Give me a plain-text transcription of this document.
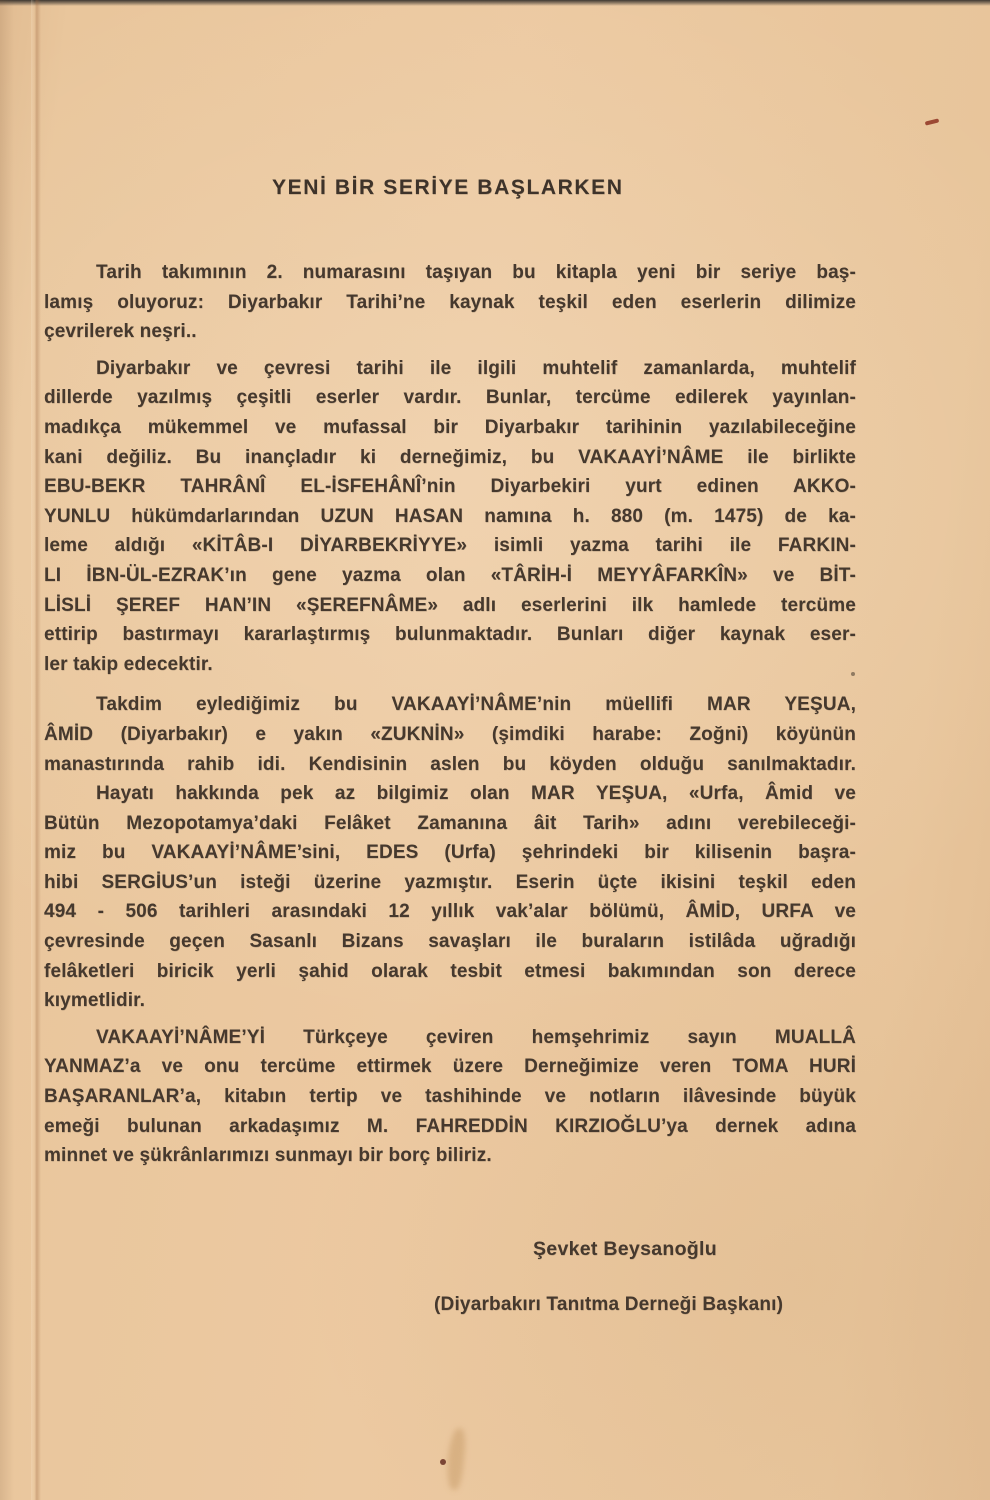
YENİ BİR SERİYE BAŞLARKEN
Tarih takımının 2. numarasını taşıyan bu kitapla yeni bir seriye baş-
lamış oluyoruz: Diyarbakır Tarihi’ne kaynak teşkil eden eserlerin dilimize
çevrilerek neşri..
Diyarbakır ve çevresi tarihi ile ilgili muhtelif zamanlarda, muhtelif
dillerde yazılmış çeşitli eserler vardır. Bunlar, tercüme edilerek yayınlan-
madıkça mükemmel ve mufassal bir Diyarbakır tarihinin yazılabileceğine
kani değiliz. Bu inançladır ki derneğimiz, bu VAKAAYİ’NÂME ile birlikte
EBU-BEKR TAHRÂNÎ EL-İSFEHÂNÎ’nin Diyarbekiri yurt edinen AKKO-
YUNLU hükümdarlarından UZUN HASAN namına h. 880 (m. 1475) de ka-
leme aldığı «KİTÂB-I DİYARBEKRİYYE» isimli yazma tarihi ile FARKIN-
LI İBN-ÜL-EZRAK’ın gene yazma olan «TÂRİH-İ MEYYÂFARKÎN» ve BİT-
LİSLİ ŞEREF HAN’IN «ŞEREFNÂME» adlı eserlerini ilk hamlede tercüme
ettirip bastırmayı kararlaştırmış bulunmaktadır. Bunları diğer kaynak eser-
ler takip edecektir.
Takdim eylediğimiz bu VAKAAYİ’NÂME’nin müellifi MAR YEŞUA,
ÂMİD (Diyarbakır) e yakın «ZUKNİN» (şimdiki harabe: Zoğni) köyünün
manastırında rahib idi. Kendisinin aslen bu köyden olduğu sanılmaktadır.
Hayatı hakkında pek az bilgimiz olan MAR YEŞUA, «Urfa, Âmid ve
Bütün Mezopotamya’daki Felâket Zamanına âit Tarih» adını verebileceği-
miz bu VAKAAYİ’NÂME’sini, EDES (Urfa) şehrindeki bir kilisenin başra-
hibi SERGİUS’un isteği üzerine yazmıştır. Eserin üçte ikisini teşkil eden
494 - 506 tarihleri arasındaki 12 yıllık vak’alar bölümü, ÂMİD, URFA ve
çevresinde geçen Sasanlı Bizans savaşları ile buraların istilâda uğradığı
felâketleri biricik yerli şahid olarak tesbit etmesi bakımından son derece
kıymetlidir.
VAKAAYİ’NÂME’Yİ Türkçeye çeviren hemşehrimiz sayın MUALLÂ
YANMAZ’a ve onu tercüme ettirmek üzere Derneğimize veren TOMA HURİ
BAŞARANLAR’a, kitabın tertip ve tashihinde ve notların ilâvesinde büyük
emeği bulunan arkadaşımız M. FAHREDDİN KIRZIOĞLU’ya dernek adına
minnet ve şükrânlarımızı sunmayı bir borç biliriz.
Şevket Beysanoğlu
(Diyarbakırı Tanıtma Derneği Başkanı)
